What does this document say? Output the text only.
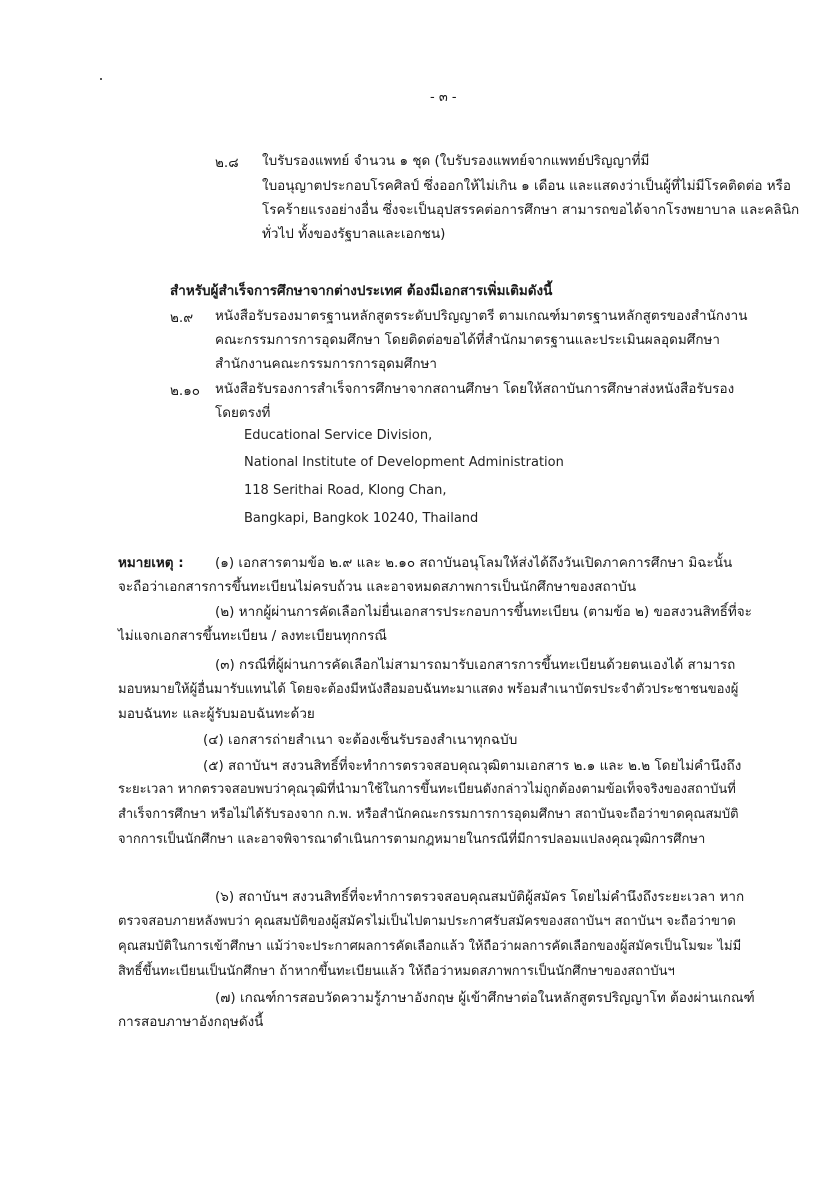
- ๓ -
๒.๘ ใบรับรองแพทย์ จำนวน ๑ ชุด (ใบรับรองแพทย์จากแพทย์ปริญญาที่มี
ใบอนุญาตประกอบโรคศิลป์ ซึ่งออกให้ไม่เกิน ๑ เดือน และแสดงว่าเป็นผู้ที่ไม่มีโรคติดต่อ หรือ
โรคร้ายแรงอย่างอื่น ซึ่งจะเป็นอุปสรรคต่อการศึกษา สามารถขอได้จากโรงพยาบาล และคลินิก
ทั่วไป ทั้งของรัฐบาลและเอกชน)
สำหรับผู้สำเร็จการศึกษาจากต่างประเทศ ต้องมีเอกสารเพิ่มเติมดังนี้
๒.๙ หนังสือรับรองมาตรฐานหลักสูตรระดับปริญญาตรี ตามเกณฑ์มาตรฐานหลักสูตรของสำนักงาน
คณะกรรมการการอุดมศึกษา โดยติดต่อขอได้ที่สำนักมาตรฐานและประเมินผลอุดมศึกษา
สำนักงานคณะกรรมการการอุดมศึกษา
๒.๑๐ หนังสือรับรองการสำเร็จการศึกษาจากสถานศึกษา โดยให้สถาบันการศึกษาส่งหนังสือรับรอง
โดยตรงที่
Educational Service Division,
National Institute of Development Administration
118 Serithai Road, Klong Chan,
Bangkapi, Bangkok 10240, Thailand
หมายเหตุ : (๑) เอกสารตามข้อ ๒.๙ และ ๒.๑๐ สถาบันอนุโลมให้ส่งได้ถึงวันเปิดภาคการศึกษา มิฉะนั้น
จะถือว่าเอกสารการขึ้นทะเบียนไม่ครบถ้วน และอาจหมดสภาพการเป็นนักศึกษาของสถาบัน
(๒) หากผู้ผ่านการคัดเลือกไม่ยื่นเอกสารประกอบการขึ้นทะเบียน (ตามข้อ ๒) ขอสงวนสิทธิ์ที่จะ
ไม่แจกเอกสารขึ้นทะเบียน / ลงทะเบียนทุกกรณี
(๓) กรณีที่ผู้ผ่านการคัดเลือกไม่สามารถมารับเอกสารการขึ้นทะเบียนด้วยตนเองได้ สามารถ
มอบหมายให้ผู้อื่นมารับแทนได้ โดยจะต้องมีหนังสือมอบฉันทะมาแสดง พร้อมสำเนาบัตรประจำตัวประชาชนของผู้
มอบฉันทะ และผู้รับมอบฉันทะด้วย
(๔) เอกสารถ่ายสำเนา จะต้องเซ็นรับรองสำเนาทุกฉบับ
(๕) สถาบันฯ สงวนสิทธิ์ที่จะทำการตรวจสอบคุณวุฒิตามเอกสาร ๒.๑ และ ๒.๒ โดยไม่คำนึงถึง
ระยะเวลา หากตรวจสอบพบว่าคุณวุฒิที่นำมาใช้ในการขึ้นทะเบียนดังกล่าวไม่ถูกต้องตามข้อเท็จจริงของสถาบันที่
สำเร็จการศึกษา หรือไม่ได้รับรองจาก ก.พ. หรือสำนักคณะกรรมการการอุดมศึกษา สถาบันจะถือว่าขาดคุณสมบัติ
จากการเป็นนักศึกษา และอาจพิจารณาดำเนินการตามกฎหมายในกรณีที่มีการปลอมแปลงคุณวุฒิการศึกษา
(๖) สถาบันฯ สงวนสิทธิ์ที่จะทำการตรวจสอบคุณสมบัติผู้สมัคร โดยไม่คำนึงถึงระยะเวลา หาก
ตรวจสอบภายหลังพบว่า คุณสมบัติของผู้สมัครไม่เป็นไปตามประกาศรับสมัครของสถาบันฯ สถาบันฯ จะถือว่าขาด
คุณสมบัติในการเข้าศึกษา แม้ว่าจะประกาศผลการคัดเลือกแล้ว ให้ถือว่าผลการคัดเลือกของผู้สมัครเป็นโมฆะ ไม่มี
สิทธิ์ขึ้นทะเบียนเป็นนักศึกษา ถ้าหากขึ้นทะเบียนแล้ว ให้ถือว่าหมดสภาพการเป็นนักศึกษาของสถาบันฯ
(๗) เกณฑ์การสอบวัดความรู้ภาษาอังกฤษ ผู้เข้าศึกษาต่อในหลักสูตรปริญญาโท ต้องผ่านเกณฑ์
การสอบภาษาอังกฤษดังนี้
